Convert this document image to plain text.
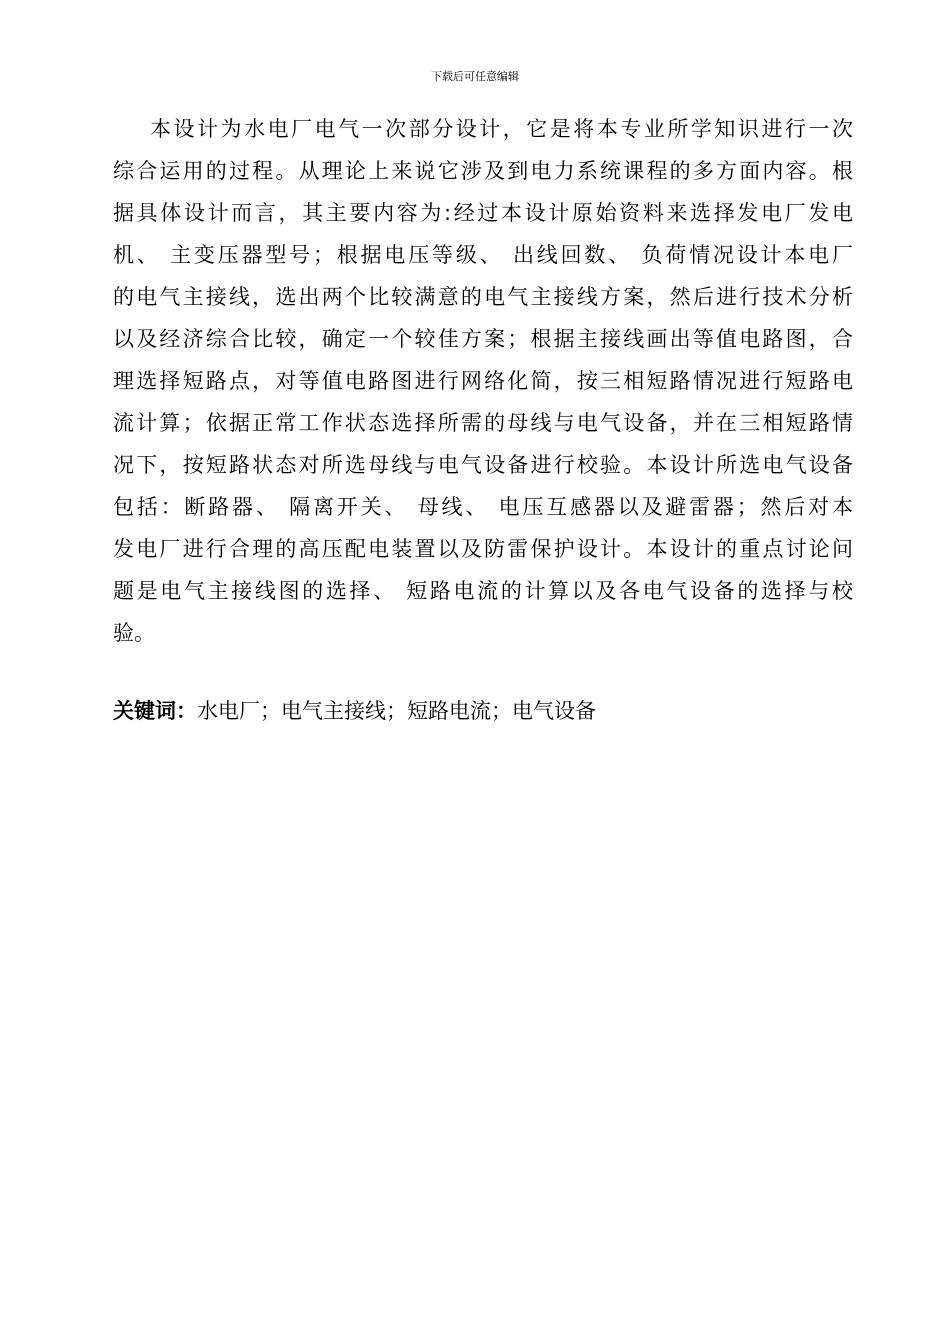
下载后可任意编辑
本设计为水电厂电气一次部分设计，它是将本专业所学知识进行一次
综合运用的过程。从理论上来说它涉及到电力系统课程的多方面内容。根
据具体设计而言，其主要内容为:经过本设计原始资料来选择发电厂发电
机、 主变压器型号；根据电压等级、 出线回数、 负荷情况设计本电厂
的电气主接线，选出两个比较满意的电气主接线方案，然后进行技术分析
以及经济综合比较，确定一个较佳方案；根据主接线画出等值电路图，合
理选择短路点，对等值电路图进行网络化简，按三相短路情况进行短路电
流计算；依据正常工作状态选择所需的母线与电气设备，并在三相短路情
况下，按短路状态对所选母线与电气设备进行校验。本设计所选电气设备
包括：断路器、 隔离开关、 母线、 电压互感器以及避雷器；然后对本
发电厂进行合理的高压配电装置以及防雷保护设计。本设计的重点讨论问
题是电气主接线图的选择、 短路电流的计算以及各电气设备的选择与校
验。
关键词：水电厂；电气主接线；短路电流；电气设备
